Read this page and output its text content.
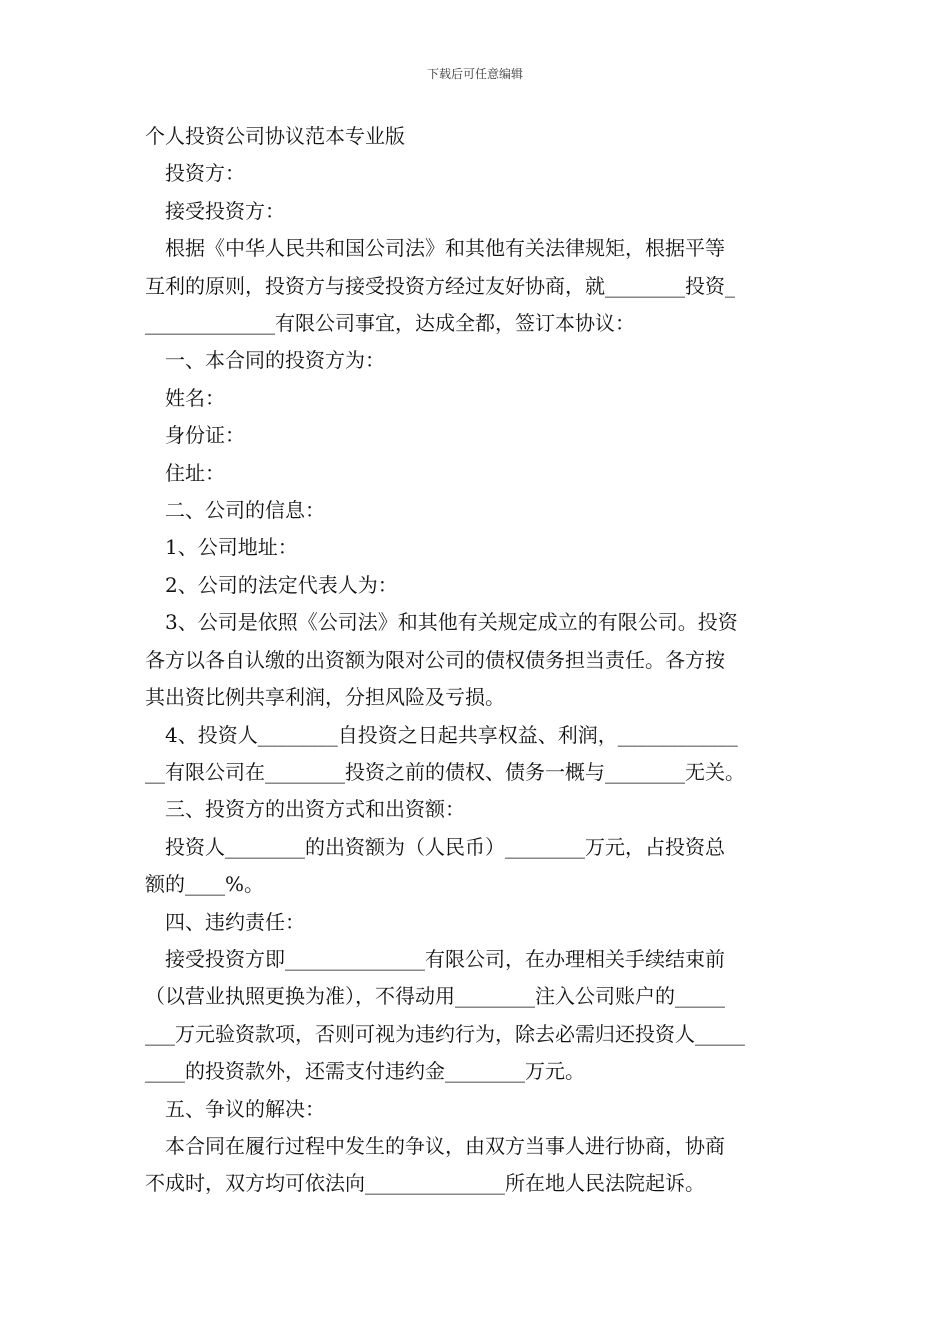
下载后可任意编辑

个人投资公司协议范本专业版

投资方：

接受投资方：

根据《中华人民共和国公司法》和其他有关法律规矩，根据平等

互利的原则，投资方与接受投资方经过友好协商，就________投资_

_____________有限公司事宜，达成全都，签订本协议：

一、本合同的投资方为：

姓名：

身份证：

住址：

二、公司的信息：

1、公司地址：

2、公司的法定代表人为：

3、公司是依照《公司法》和其他有关规定成立的有限公司。投资

各方以各自认缴的出资额为限对公司的债权债务担当责任。各方按

其出资比例共享利润，分担风险及亏损。

4、投资人________自投资之日起共享权益、利润，____________

__有限公司在________投资之前的债权、债务一概与________无关。

三、投资方的出资方式和出资额：

投资人________的出资额为（人民币）________万元，占投资总

额的____%。

四、违约责任：

接受投资方即______________有限公司，在办理相关手续结束前

（以营业执照更换为准），不得动用________注入公司账户的_____

___万元验资款项，否则可视为违约行为，除去必需归还投资人_____

____的投资款外，还需支付违约金________万元。

五、争议的解决：

本合同在履行过程中发生的争议，由双方当事人进行协商，协商

不成时，双方均可依法向______________所在地人民法院起诉。
